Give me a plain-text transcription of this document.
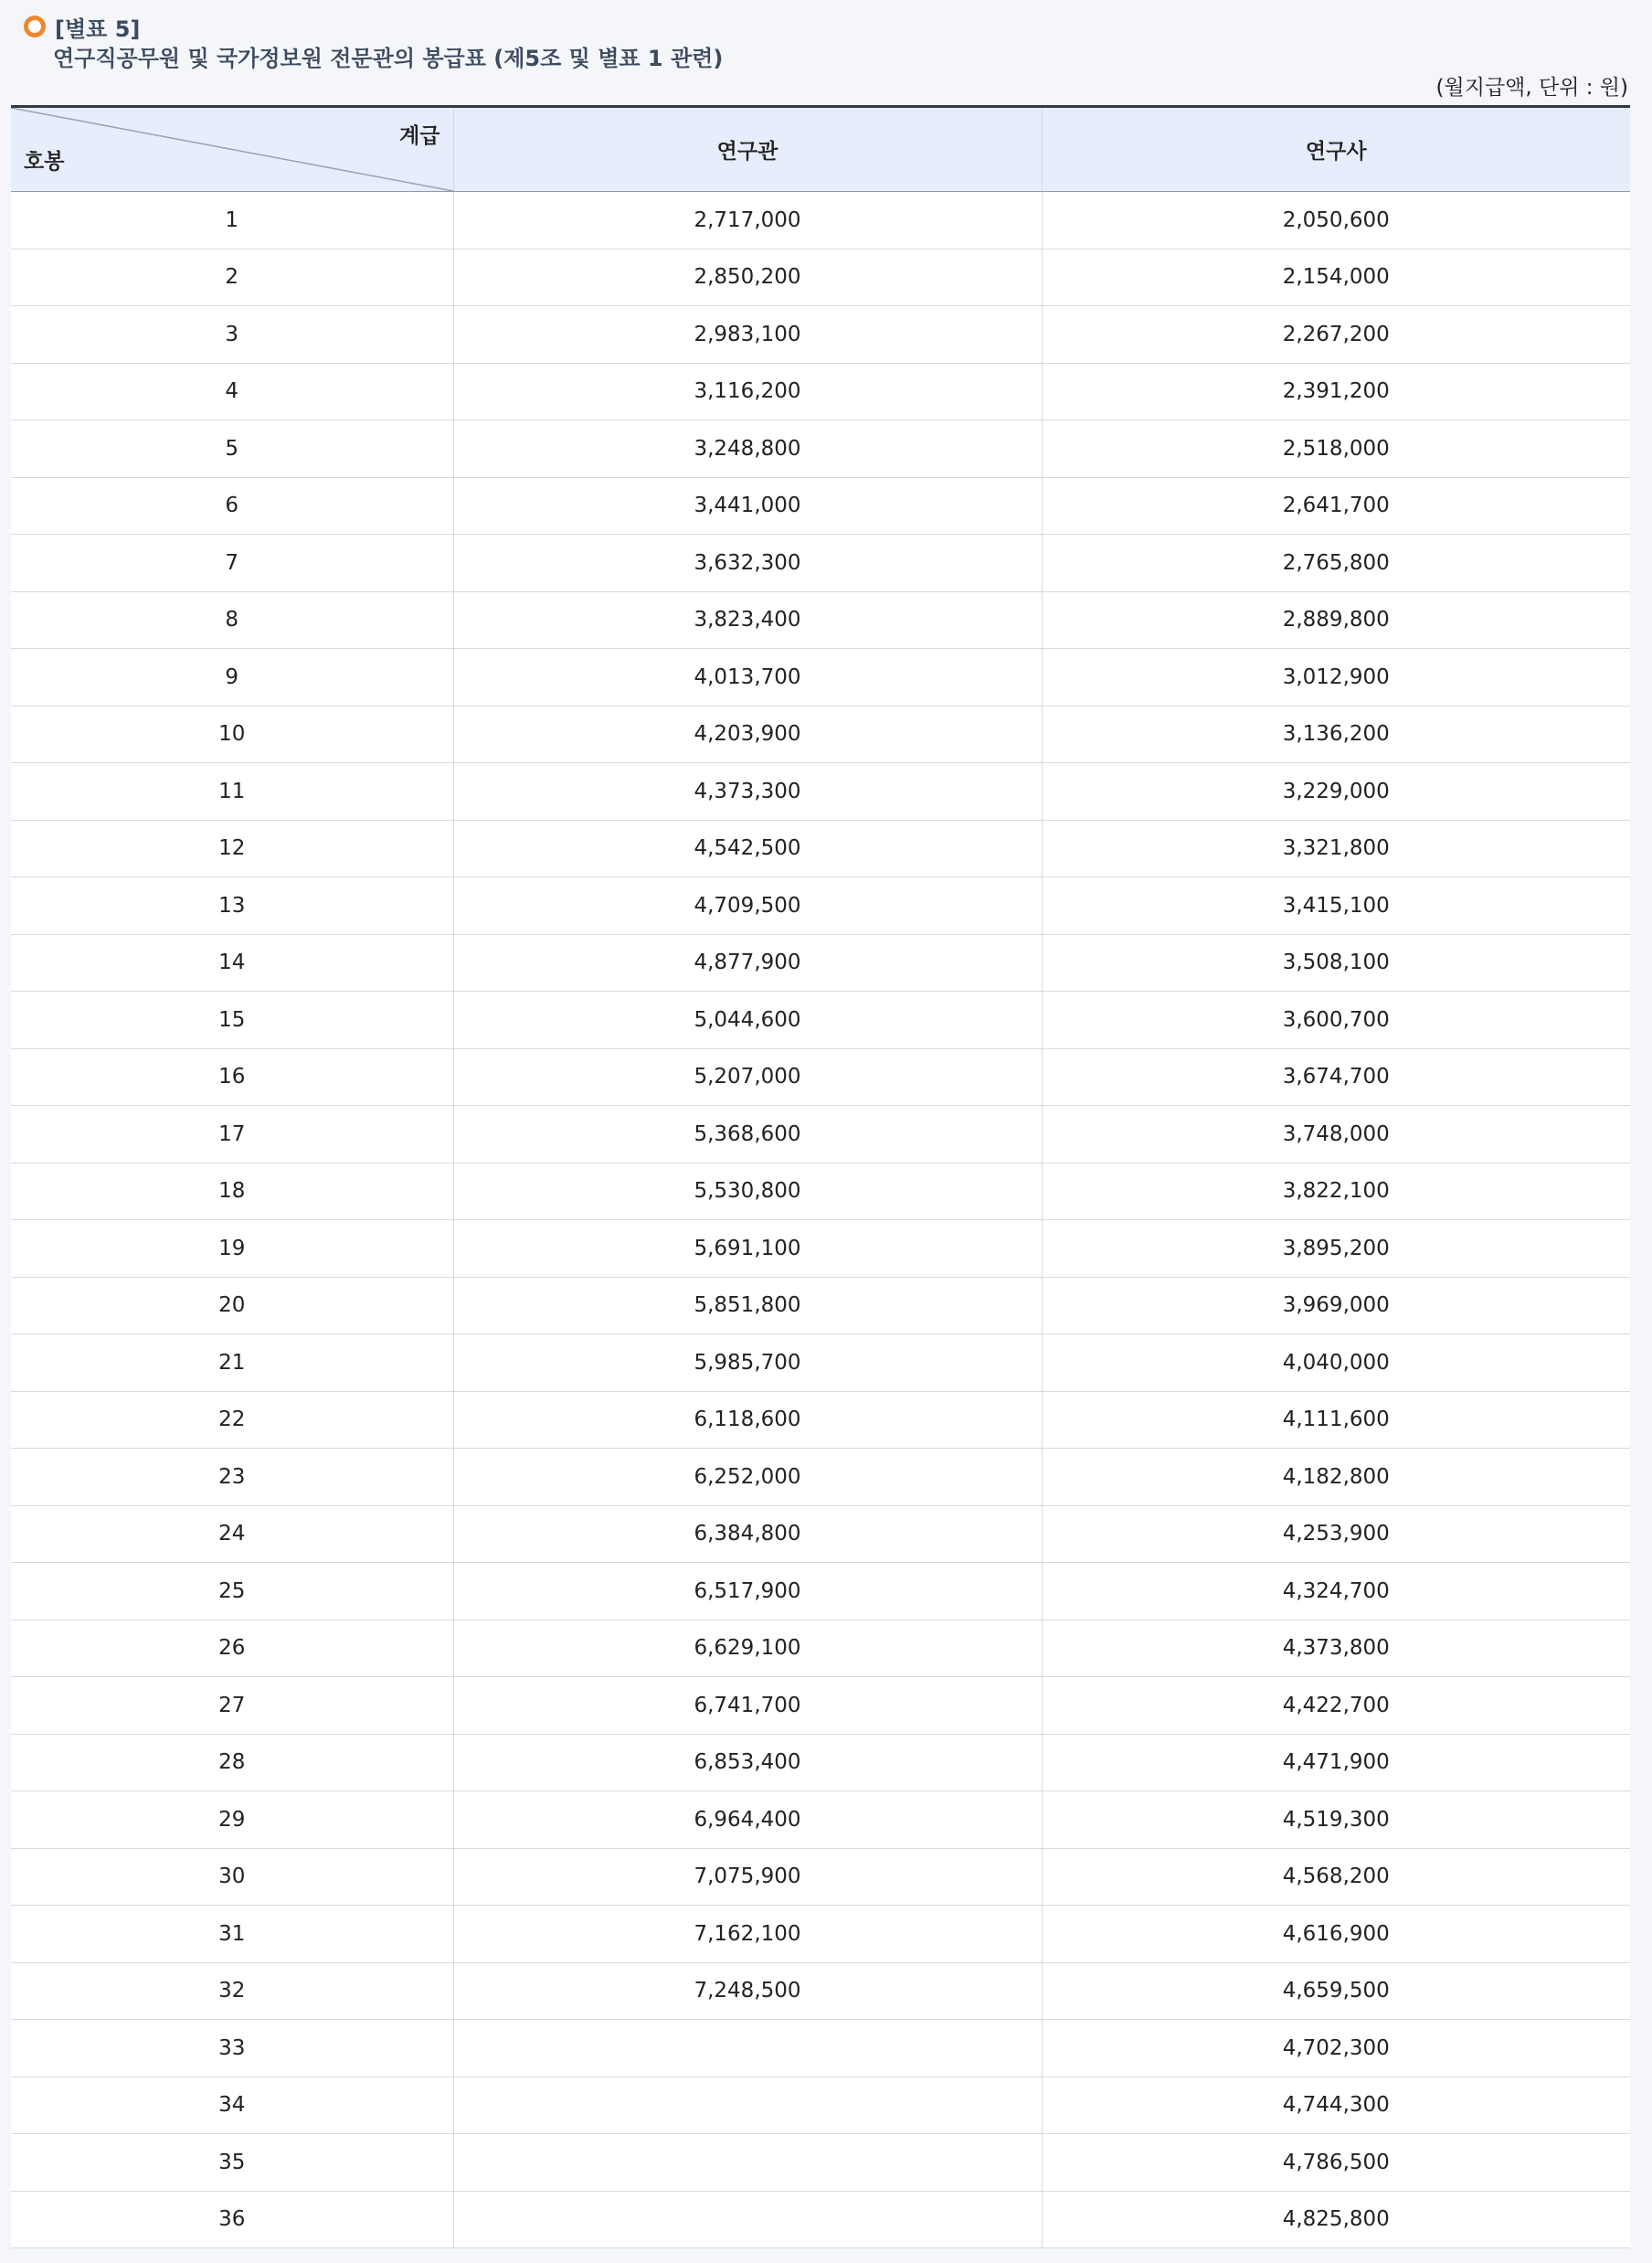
[별표 5]
연구직공무원 및 국가정보원 전문관의 봉급표 (제5조 및 별표 1 관련)
(월지급액, 단위 : 원)
계급
호봉	연구관	연구사
1	2,717,000	2,050,600
2	2,850,200	2,154,000
3	2,983,100	2,267,200
4	3,116,200	2,391,200
5	3,248,800	2,518,000
6	3,441,000	2,641,700
7	3,632,300	2,765,800
8	3,823,400	2,889,800
9	4,013,700	3,012,900
10	4,203,900	3,136,200
11	4,373,300	3,229,000
12	4,542,500	3,321,800
13	4,709,500	3,415,100
14	4,877,900	3,508,100
15	5,044,600	3,600,700
16	5,207,000	3,674,700
17	5,368,600	3,748,000
18	5,530,800	3,822,100
19	5,691,100	3,895,200
20	5,851,800	3,969,000
21	5,985,700	4,040,000
22	6,118,600	4,111,600
23	6,252,000	4,182,800
24	6,384,800	4,253,900
25	6,517,900	4,324,700
26	6,629,100	4,373,800
27	6,741,700	4,422,700
28	6,853,400	4,471,900
29	6,964,400	4,519,300
30	7,075,900	4,568,200
31	7,162,100	4,616,900
32	7,248,500	4,659,500
33		4,702,300
34		4,744,300
35		4,786,500
36		4,825,800
